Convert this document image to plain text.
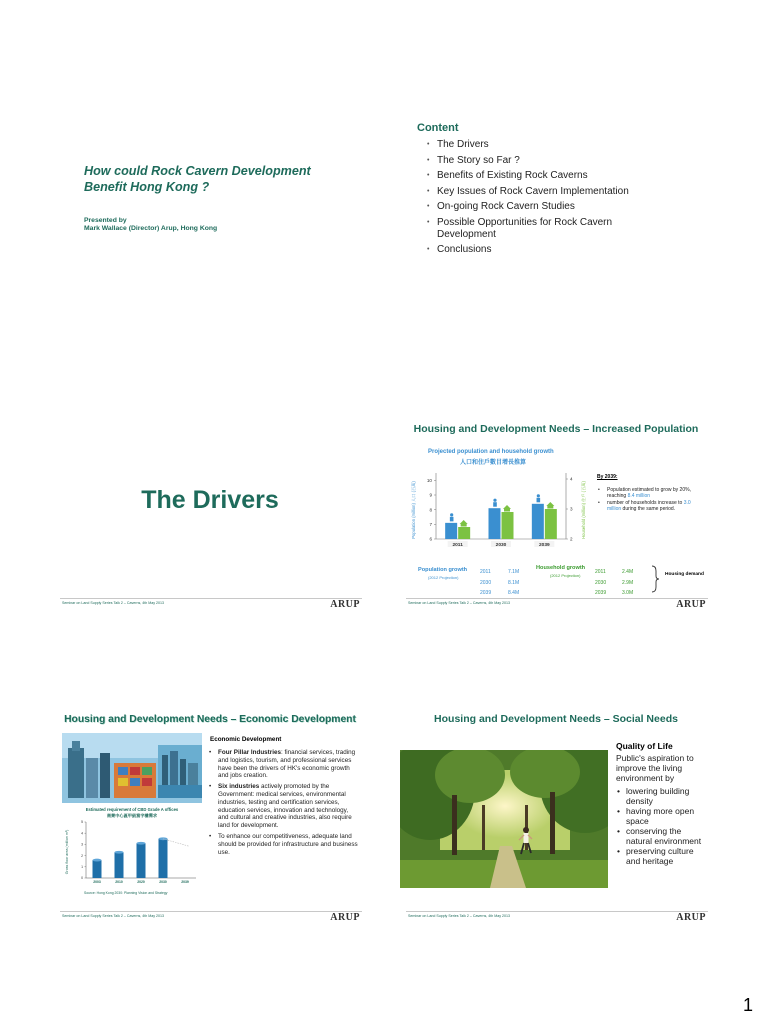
How could Rock Cavern Development Benefit Hong Kong ?
Presented by
Mark Wallace (Director) Arup, Hong Kong
Content
• The Drivers
• The Story so Far ?
• Benefits of Existing Rock Caverns
• Key Issues of Rock Cavern Implementation
• On-going Rock Cavern Studies
• Possible Opportunities for Rock Cavern Development
• Conclusions
The Drivers
Seminar on Land Supply Series Talk 2 – Caverns, 4th May 2013	ARUP
Housing and Development Needs – Increased Population
Projected population and household growth
人口和住戶數目增長推算
Population (million) 人口 (百萬)	Household (million) 住戶 (百萬)
6
7
8
9
10
2
3
4
2011	2030	2039
By 2039:
• Population estimated to grow by 20%, reaching 8.4 million
• number of households increase to 3.0 million during the same period.
Population growth
(2012 Projection)
2011	7.1M
2030	8.1M
2039	8.4M
Household growth
(2012 Projection)
2011	2.4M
2030	2.9M
2039	3.0M
Housing demand
Seminar on Land Supply Series Talk 2 – Caverns, 4th May 2013	ARUP
Housing and Development Needs – Economic Development
Estimated requirement of CBD Grade A offices
商業中心區甲級寫字樓需求
Gross floor area (million m²)
0
1
2
3
4
5
2003	2010	2020	2030	2039
Source: Hong Kong 2030: Planning Vision and Strategy
Economic Development
• Four Pillar Industries: financial services, trading and logistics, tourism, and professional services have been the drivers of HK's economic growth and jobs creation.
• Six industries actively promoted by the Government: medical services, environmental industries, testing and certification services, education services, innovation and technology, and cultural and creative industries, also require land for development.
• To enhance our competitiveness, adequate land should be provided for infrastructure and business use.
Seminar on Land Supply Series Talk 2 – Caverns, 4th May 2013	ARUP
Housing and Development Needs – Social Needs
Quality of Life
Public's aspiration to improve the living environment by
• lowering building density
• having more open space
• conserving the natural environment
• preserving culture and heritage
Seminar on Land Supply Series Talk 2 – Caverns, 4th May 2013	ARUP
1
